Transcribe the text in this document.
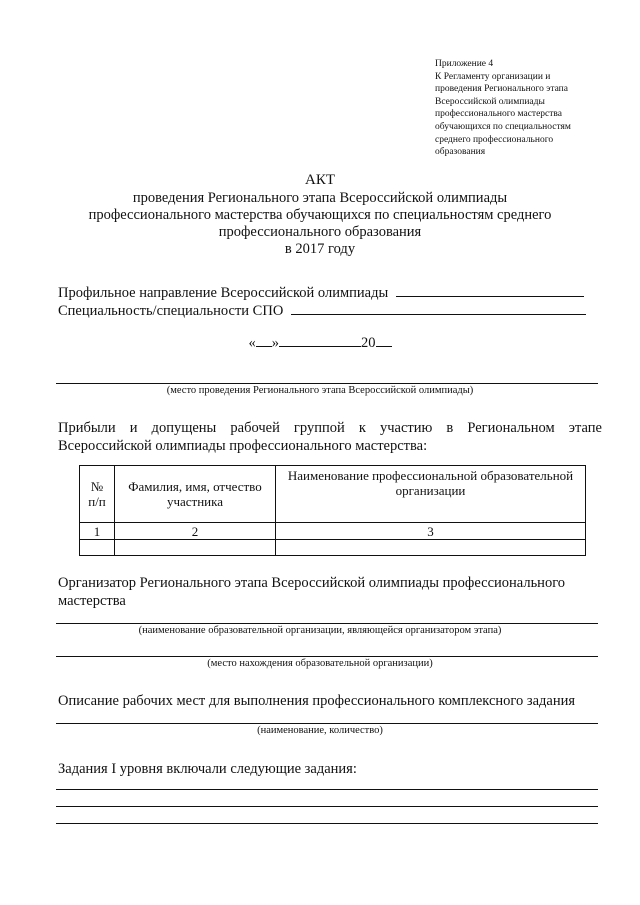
Приложение 4
К Регламенту организации и
проведения Регионального этапа
Всероссийской олимпиады
профессионального мастерства
обучающихся по специальностям
среднего профессионального
образования
АКТ
проведения Регионального этапа Всероссийской олимпиады
профессионального мастерства обучающихся по специальностям среднего
профессионального образования
в 2017 году
Профильное направление Всероссийской олимпиады
Специальность/специальности СПО
« »	20
(место проведения Регионального этапа Всероссийской олимпиады)
Прибыли и допущены рабочей группой к участию в Региональном этапе Всероссийской олимпиады профессионального мастерства:
№ п/п	Фамилия, имя, отчество участника	Наименование профессиональной образовательной организации
1	2	3

Организатор Регионального этапа Всероссийской олимпиады профессионального мастерства
(наименование образовательной организации, являющейся организатором этапа)
(место нахождения образовательной организации)
Описание рабочих мест для выполнения профессионального комплексного задания
(наименование, количество)
Задания I уровня включали следующие задания:
